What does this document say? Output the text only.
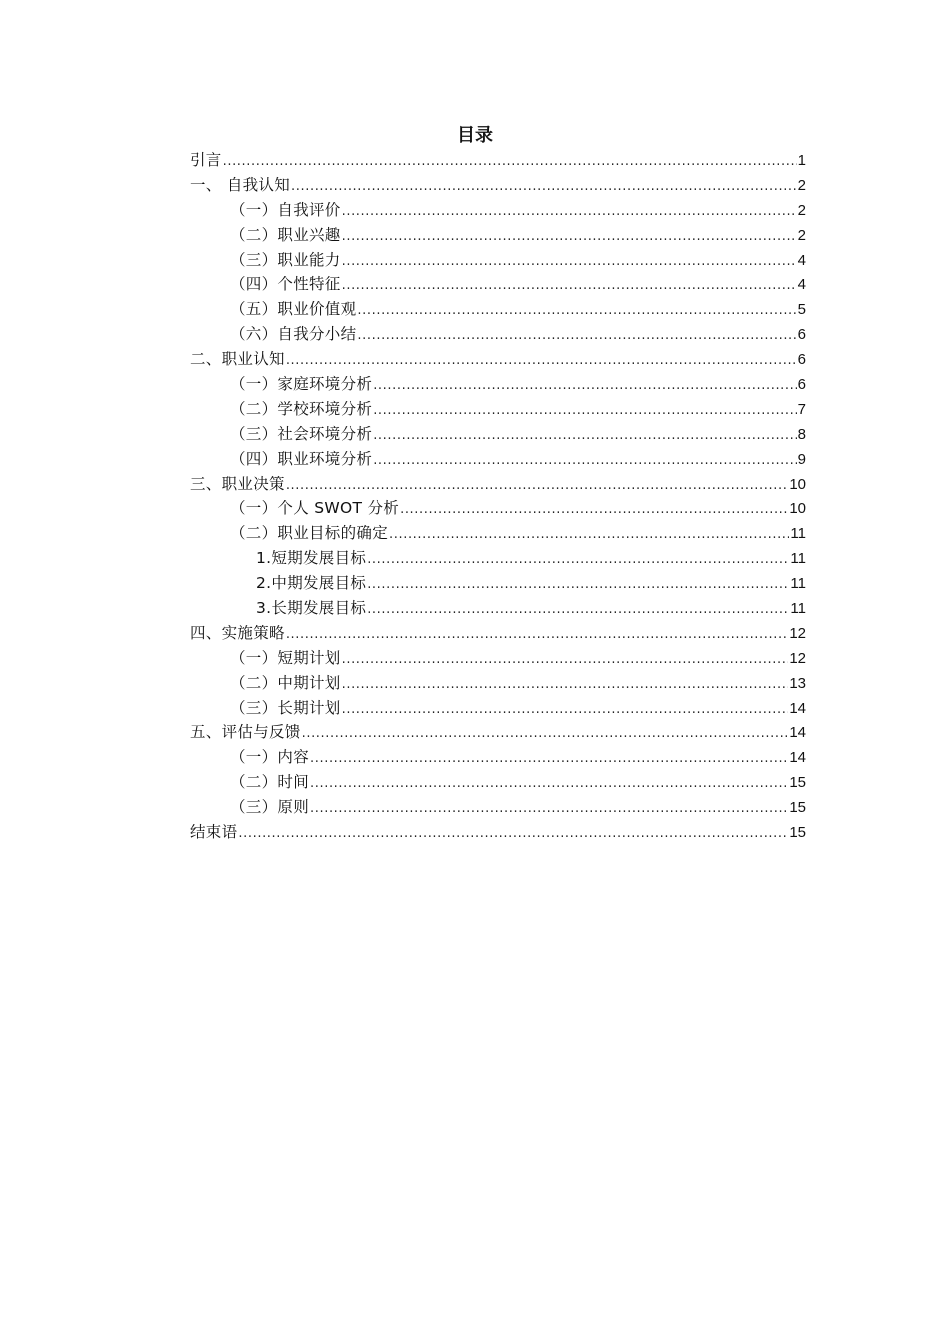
目录
引言 .....	1
一、 自我认知 .....	2
（一）自我评价 .....	2
（二）职业兴趣 .....	2
（三）职业能力 .....	4
（四）个性特征 .....	4
（五）职业价值观 .....	5
（六）自我分小结 .....	6
二、职业认知 .....	6
（一）家庭环境分析 .....	6
（二）学校环境分析 .....	7
（三）社会环境分析 .....	8
（四）职业环境分析 .....	9
三、职业决策 .....	10
（一）个人 SWOT 分析 .....	10
（二）职业目标的确定 .....	11
1.短期发展目标 .....	11
2.中期发展目标 .....	11
3.长期发展目标 .....	11
四、实施策略 .....	12
（一）短期计划 .....	12
（二）中期计划 .....	13
（三）长期计划 .....	14
五、评估与反馈 .....	14
（一）内容 .....	14
（二）时间 .....	15
（三）原则 .....	15
结束语 .....	15
